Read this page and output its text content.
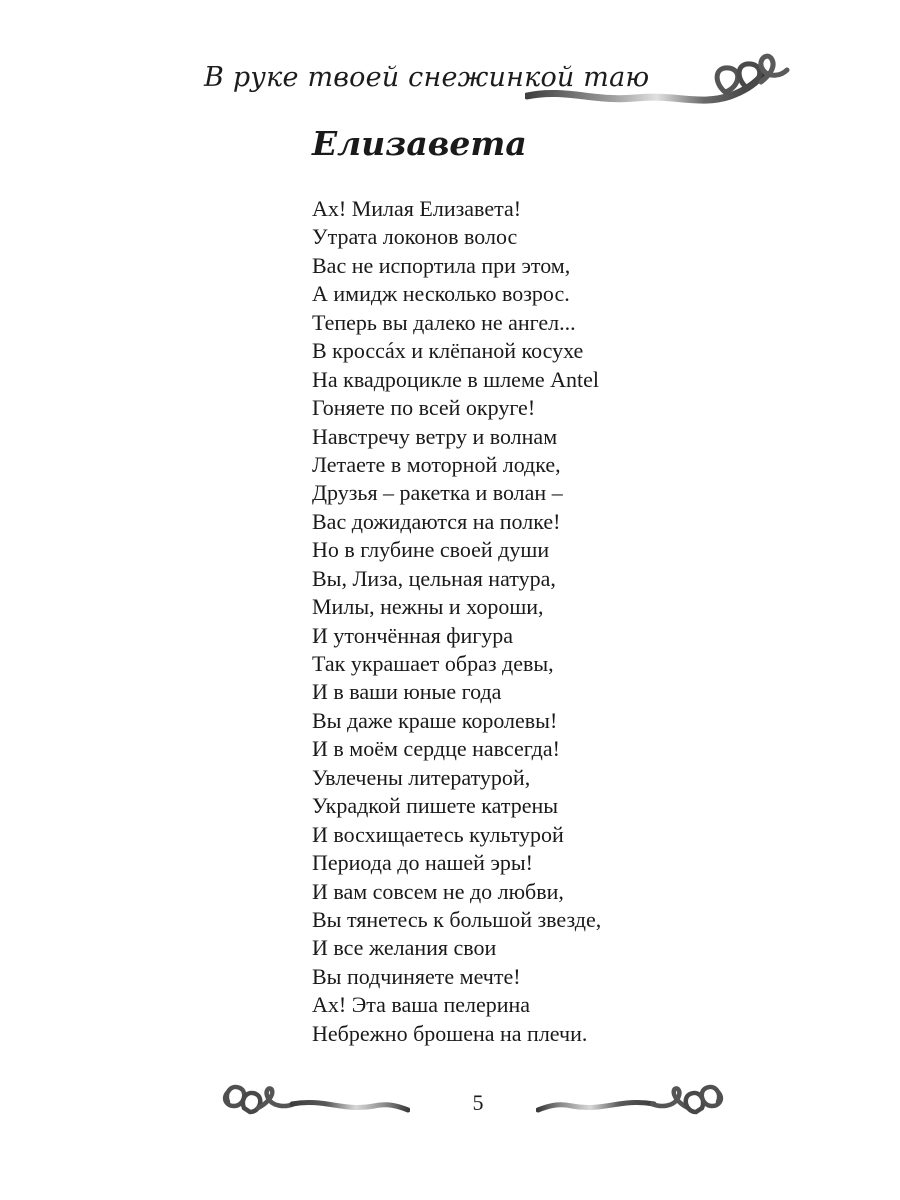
В руке твоей снежинкой таю
Елизавета
Ах! Милая Елизавета!
Утрата локонов волос
Вас не испортила при этом,
А имидж несколько возрос.
Теперь вы далеко не ангел...
В кроссáх и клёпаной косухе
На квадроцикле в шлеме Antel
Гоняете по всей округе!
Навстречу ветру и волнам
Летаете в моторной лодке,
Друзья – ракетка и волан –
Вас дожидаются на полке!
Но в глубине своей души
Вы, Лиза, цельная натура,
Милы, нежны и хороши,
И утончённая фигура
Так украшает образ девы,
И в ваши юные года
Вы даже краше королевы!
И в моём сердце навсегда!
Увлечены литературой,
Украдкой пишете катрены
И восхищаетесь культурой
Периода до нашей эры!
И вам совсем не до любви,
Вы тянетесь к большой звезде,
И все желания свои
Вы подчиняете мечте!
Ах! Эта ваша пелерина
Небрежно брошена на плечи.
5
